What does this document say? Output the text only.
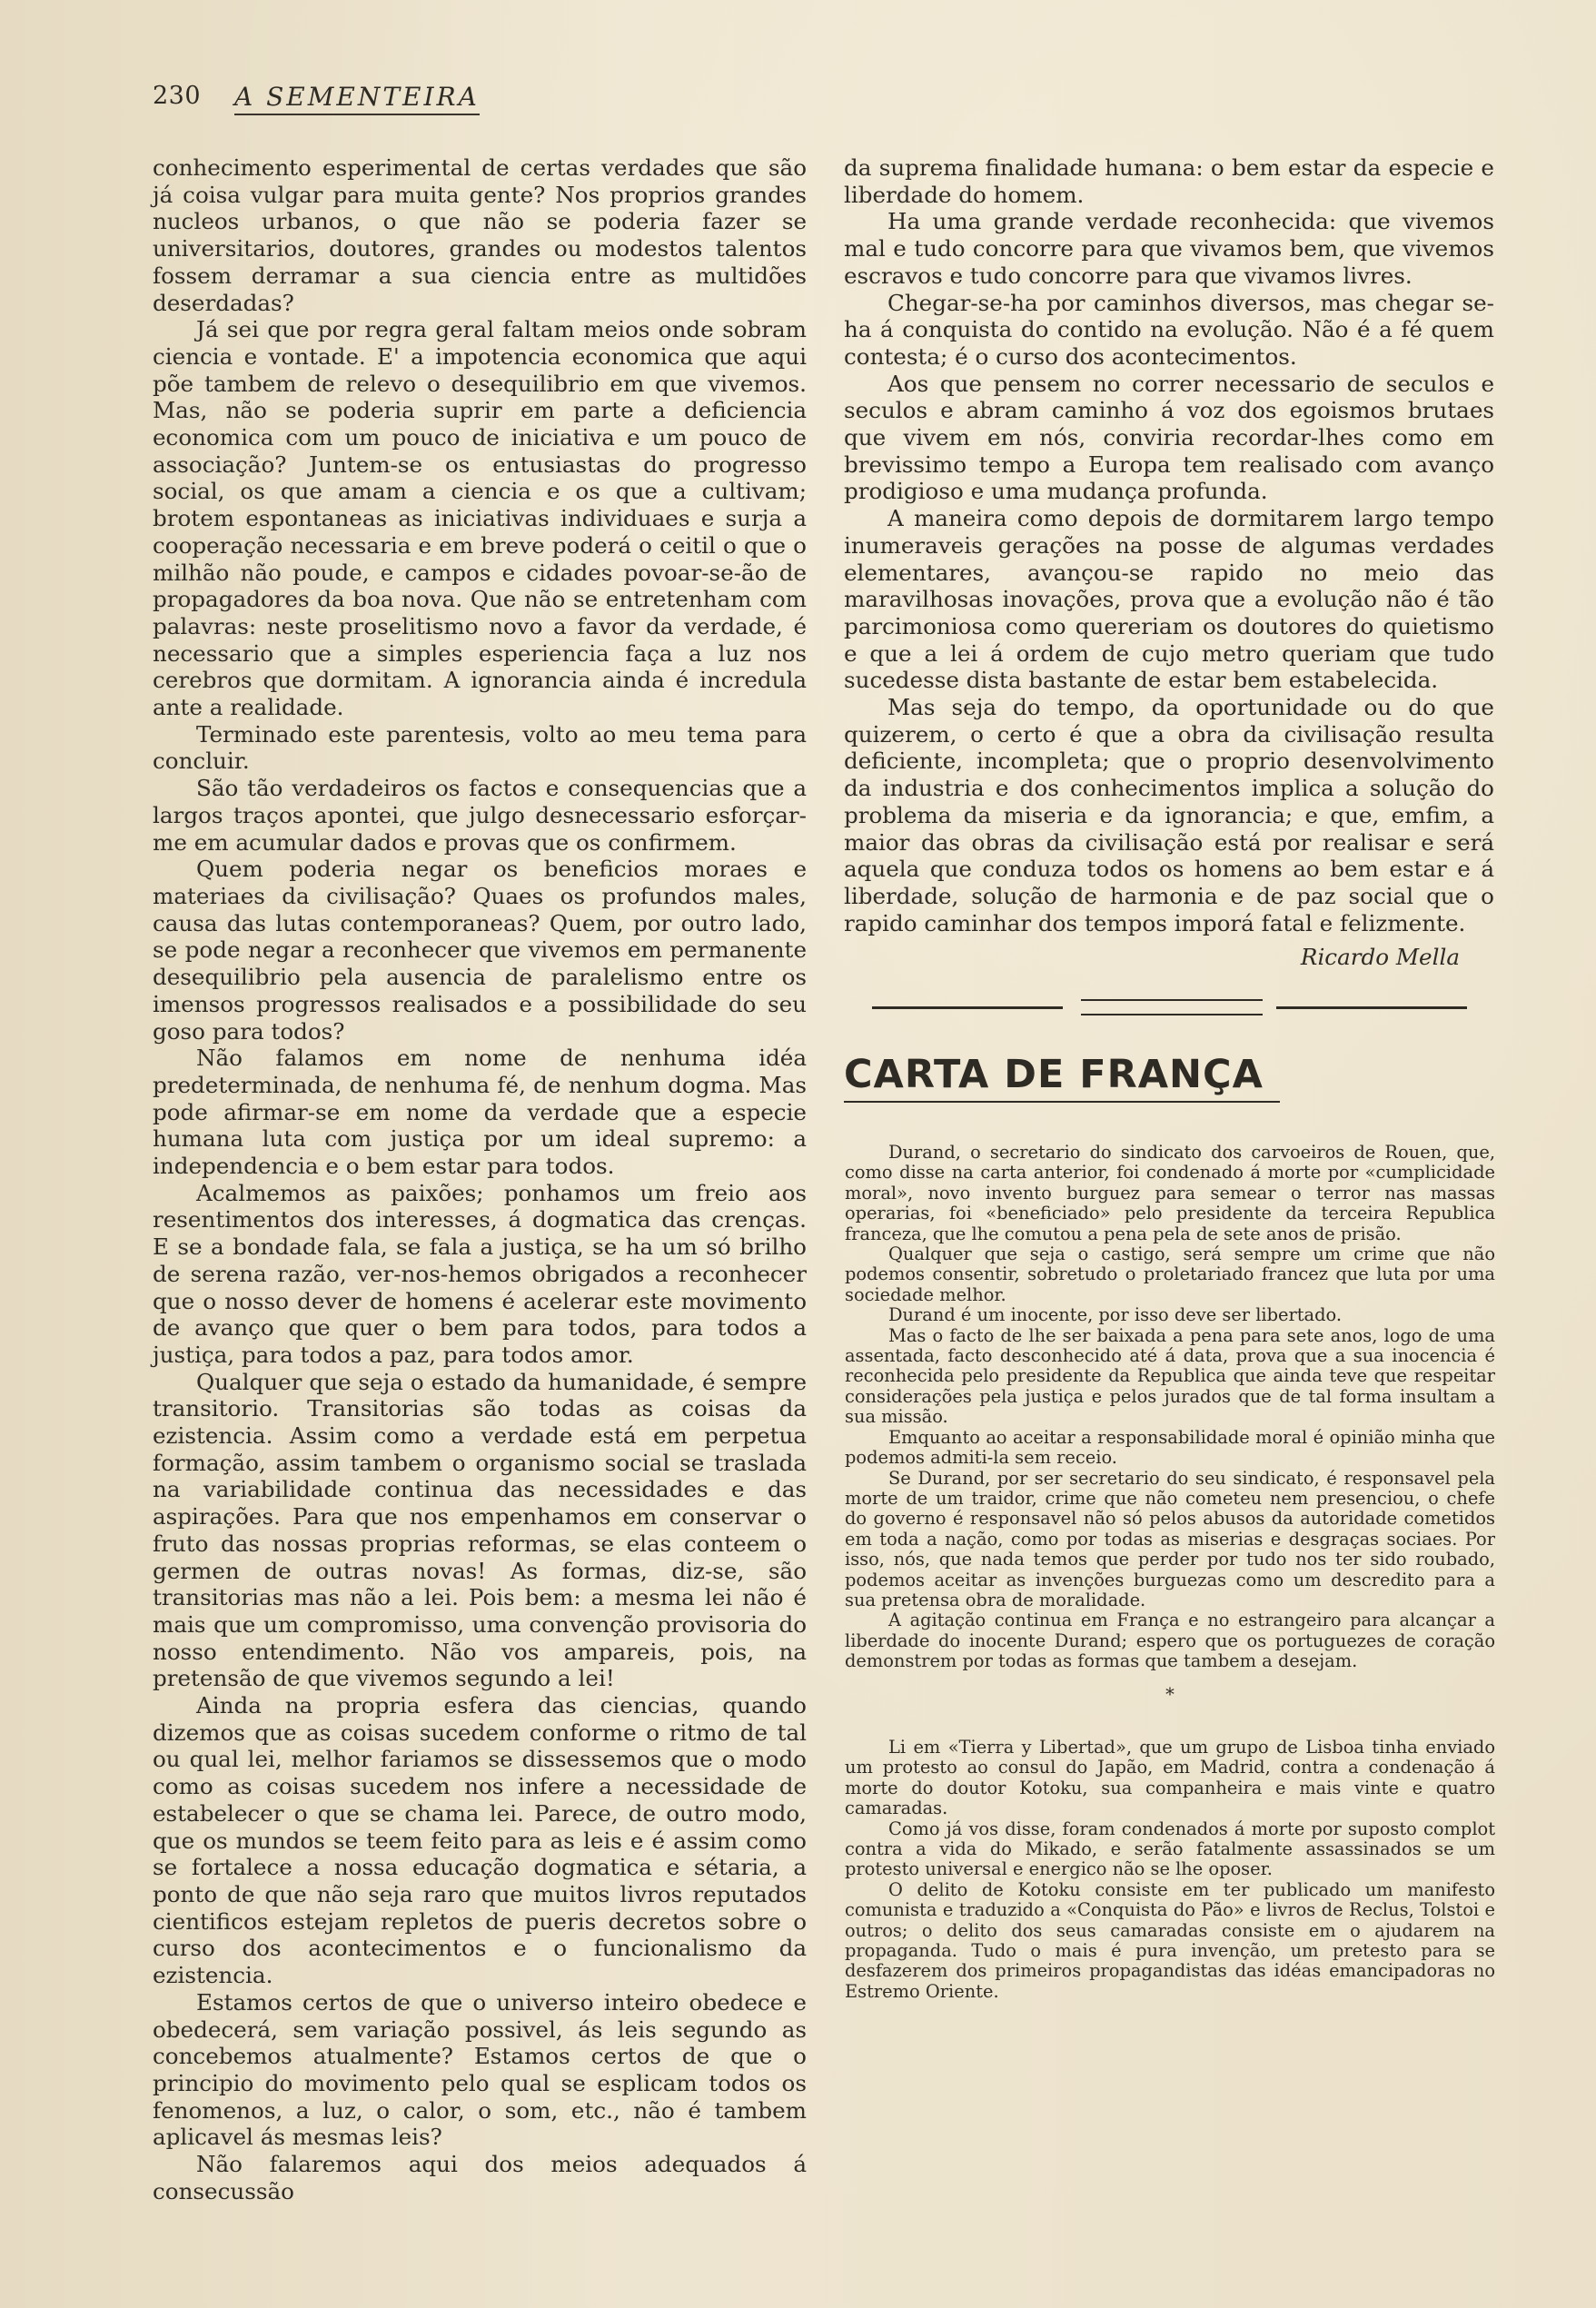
230 A SEMENTEIRA

conhecimento esperimental de certas verdades que são já coisa vulgar para muita gente? Nos proprios grandes nucleos urbanos, o que não se poderia fazer se universitarios, doutores, grandes ou modestos talentos fossem derramar a sua ciencia entre as multidões deserdadas?

Já sei que por regra geral faltam meios onde sobram ciencia e vontade. E' a impotencia economica que aqui põe tambem de relevo o desequilibrio em que vivemos. Mas, não se poderia suprir em parte a deficiencia economica com um pouco de iniciativa e um pouco de associação? Juntem-se os entusiastas do progresso social, os que amam a ciencia e os que a cultivam; brotem espontaneas as iniciativas individuaes e surja a cooperação necessaria e em breve poderá o ceitil o que o milhão não poude, e campos e cidades povoar-se-ão de propagadores da boa nova. Que não se entretenham com palavras: neste proselitismo novo a favor da verdade, é necessario que a simples esperiencia faça a luz nos cerebros que dormitam. A ignorancia ainda é incredula ante a realidade.

Terminado este parentesis, volto ao meu tema para concluir.

São tão verdadeiros os factos e consequencias que a largos traços apontei, que julgo desnecessario esforçar-me em acumular dados e provas que os confirmem.

Quem poderia negar os beneficios moraes e materiaes da civilisação? Quaes os profundos males, causa das lutas contemporaneas? Quem, por outro lado, se pode negar a reconhecer que vivemos em permanente desequilibrio pela ausencia de paralelismo entre os imensos progressos realisados e a possibilidade do seu goso para todos?

Não falamos em nome de nenhuma idéa predeterminada, de nenhuma fé, de nenhum dogma. Mas pode afirmar-se em nome da verdade que a especie humana luta com justiça por um ideal supremo: a independencia e o bem estar para todos.

Acalmemos as paixões; ponhamos um freio aos resentimentos dos interesses, á dogmatica das crenças. E se a bondade fala, se fala a justiça, se ha um só brilho de serena razão, ver-nos-hemos obrigados a reconhecer que o nosso dever de homens é acelerar este movimento de avanço que quer o bem para todos, para todos a justiça, para todos a paz, para todos amor.

Qualquer que seja o estado da humanidade, é sempre transitorio. Transitorias são todas as coisas da ezistencia. Assim como a verdade está em perpetua formação, assim tambem o organismo social se traslada na variabilidade continua das necessidades e das aspirações. Para que nos empenhamos em conservar o fruto das nossas proprias reformas, se elas conteem o germen de outras novas! As formas, diz-se, são transitorias mas não a lei. Pois bem: a mesma lei não é mais que um compromisso, uma convenção provisoria do nosso entendimento. Não vos ampareis, pois, na pretensão de que vivemos segundo a lei!

Ainda na propria esfera das ciencias, quando dizemos que as coisas sucedem conforme o ritmo de tal ou qual lei, melhor fariamos se dissessemos que o modo como as coisas sucedem nos infere a necessidade de estabelecer o que se chama lei. Parece, de outro modo, que os mundos se teem feito para as leis e é assim como se fortalece a nossa educação dogmatica e sétaria, a ponto de que não seja raro que muitos livros reputados cientificos estejam repletos de pueris decretos sobre o curso dos acontecimentos e o funcionalismo da ezistencia.

Estamos certos de que o universo inteiro obedece e obedecerá, sem variação possivel, ás leis segundo as concebemos atualmente? Estamos certos de que o principio do movimento pelo qual se esplicam todos os fenomenos, a luz, o calor, o som, etc., não é tambem aplicavel ás mesmas leis?

Não falaremos aqui dos meios adequados á consecussão

da suprema finalidade humana: o bem estar da especie e liberdade do homem.

Ha uma grande verdade reconhecida: que vivemos mal e tudo concorre para que vivamos bem, que vivemos escravos e tudo concorre para que vivamos livres.

Chegar-se-ha por caminhos diversos, mas chegar se-ha á conquista do contido na evolução. Não é a fé quem contesta; é o curso dos acontecimentos.

Aos que pensem no correr necessario de seculos e seculos e abram caminho á voz dos egoismos brutaes que vivem em nós, conviria recordar-lhes como em brevissimo tempo a Europa tem realisado com avanço prodigioso e uma mudança profunda.

A maneira como depois de dormitarem largo tempo inumeraveis gerações na posse de algumas verdades elementares, avançou-se rapido no meio das maravilhosas inovações, prova que a evolução não é tão parcimoniosa como quereriam os doutores do quietismo e que a lei á ordem de cujo metro queriam que tudo sucedesse dista bastante de estar bem estabelecida.

Mas seja do tempo, da oportunidade ou do que quizerem, o certo é que a obra da civilisação resulta deficiente, incompleta; que o proprio desenvolvimento da industria e dos conhecimentos implica a solução do problema da miseria e da ignorancia; e que, emfim, a maior das obras da civilisação está por realisar e será aquela que conduza todos os homens ao bem estar e á liberdade, solução de harmonia e de paz social que o rapido caminhar dos tempos imporá fatal e felizmente.

Ricardo Mella

CARTA DE FRANÇA

Durand, o secretario do sindicato dos carvoeiros de Rouen, que, como disse na carta anterior, foi condenado á morte por «cumplicidade moral», novo invento burguez para semear o terror nas massas operarias, foi «beneficiado» pelo presidente da terceira Republica franceza, que lhe comutou a pena pela de sete anos de prisão.

Qualquer que seja o castigo, será sempre um crime que não podemos consentir, sobretudo o proletariado francez que luta por uma sociedade melhor.

Durand é um inocente, por isso deve ser libertado.

Mas o facto de lhe ser baixada a pena para sete anos, logo de uma assentada, facto desconhecido até á data, prova que a sua inocencia é reconhecida pelo presidente da Republica que ainda teve que respeitar considerações pela justiça e pelos jurados que de tal forma insultam a sua missão.

Emquanto ao aceitar a responsabilidade moral é opinião minha que podemos admiti-la sem receio.

Se Durand, por ser secretario do seu sindicato, é responsavel pela morte de um traidor, crime que não cometeu nem presenciou, o chefe do governo é responsavel não só pelos abusos da autoridade cometidos em toda a nação, como por todas as miserias e desgraças sociaes. Por isso, nós, que nada temos que perder por tudo nos ter sido roubado, podemos aceitar as invenções burguezas como um descredito para a sua pretensa obra de moralidade.

A agitação continua em França e no estrangeiro para alcançar a liberdade do inocente Durand; espero que os portuguezes de coração demonstrem por todas as formas que tambem a desejam.

*

Li em «Tierra y Libertad», que um grupo de Lisboa tinha enviado um protesto ao consul do Japão, em Madrid, contra a condenação á morte do doutor Kotoku, sua companheira e mais vinte e quatro camaradas.

Como já vos disse, foram condenados á morte por suposto complot contra a vida do Mikado, e serão fatalmente assassinados se um protesto universal e energico não se lhe oposer.

O delito de Kotoku consiste em ter publicado um manifesto comunista e traduzido a «Conquista do Pão» e livros de Reclus, Tolstoi e outros; o delito dos seus camaradas consiste em o ajudarem na propaganda. Tudo o mais é pura invenção, um pretesto para se desfazerem dos primeiros propagandistas das idéas emancipadoras no Estremo Oriente.
